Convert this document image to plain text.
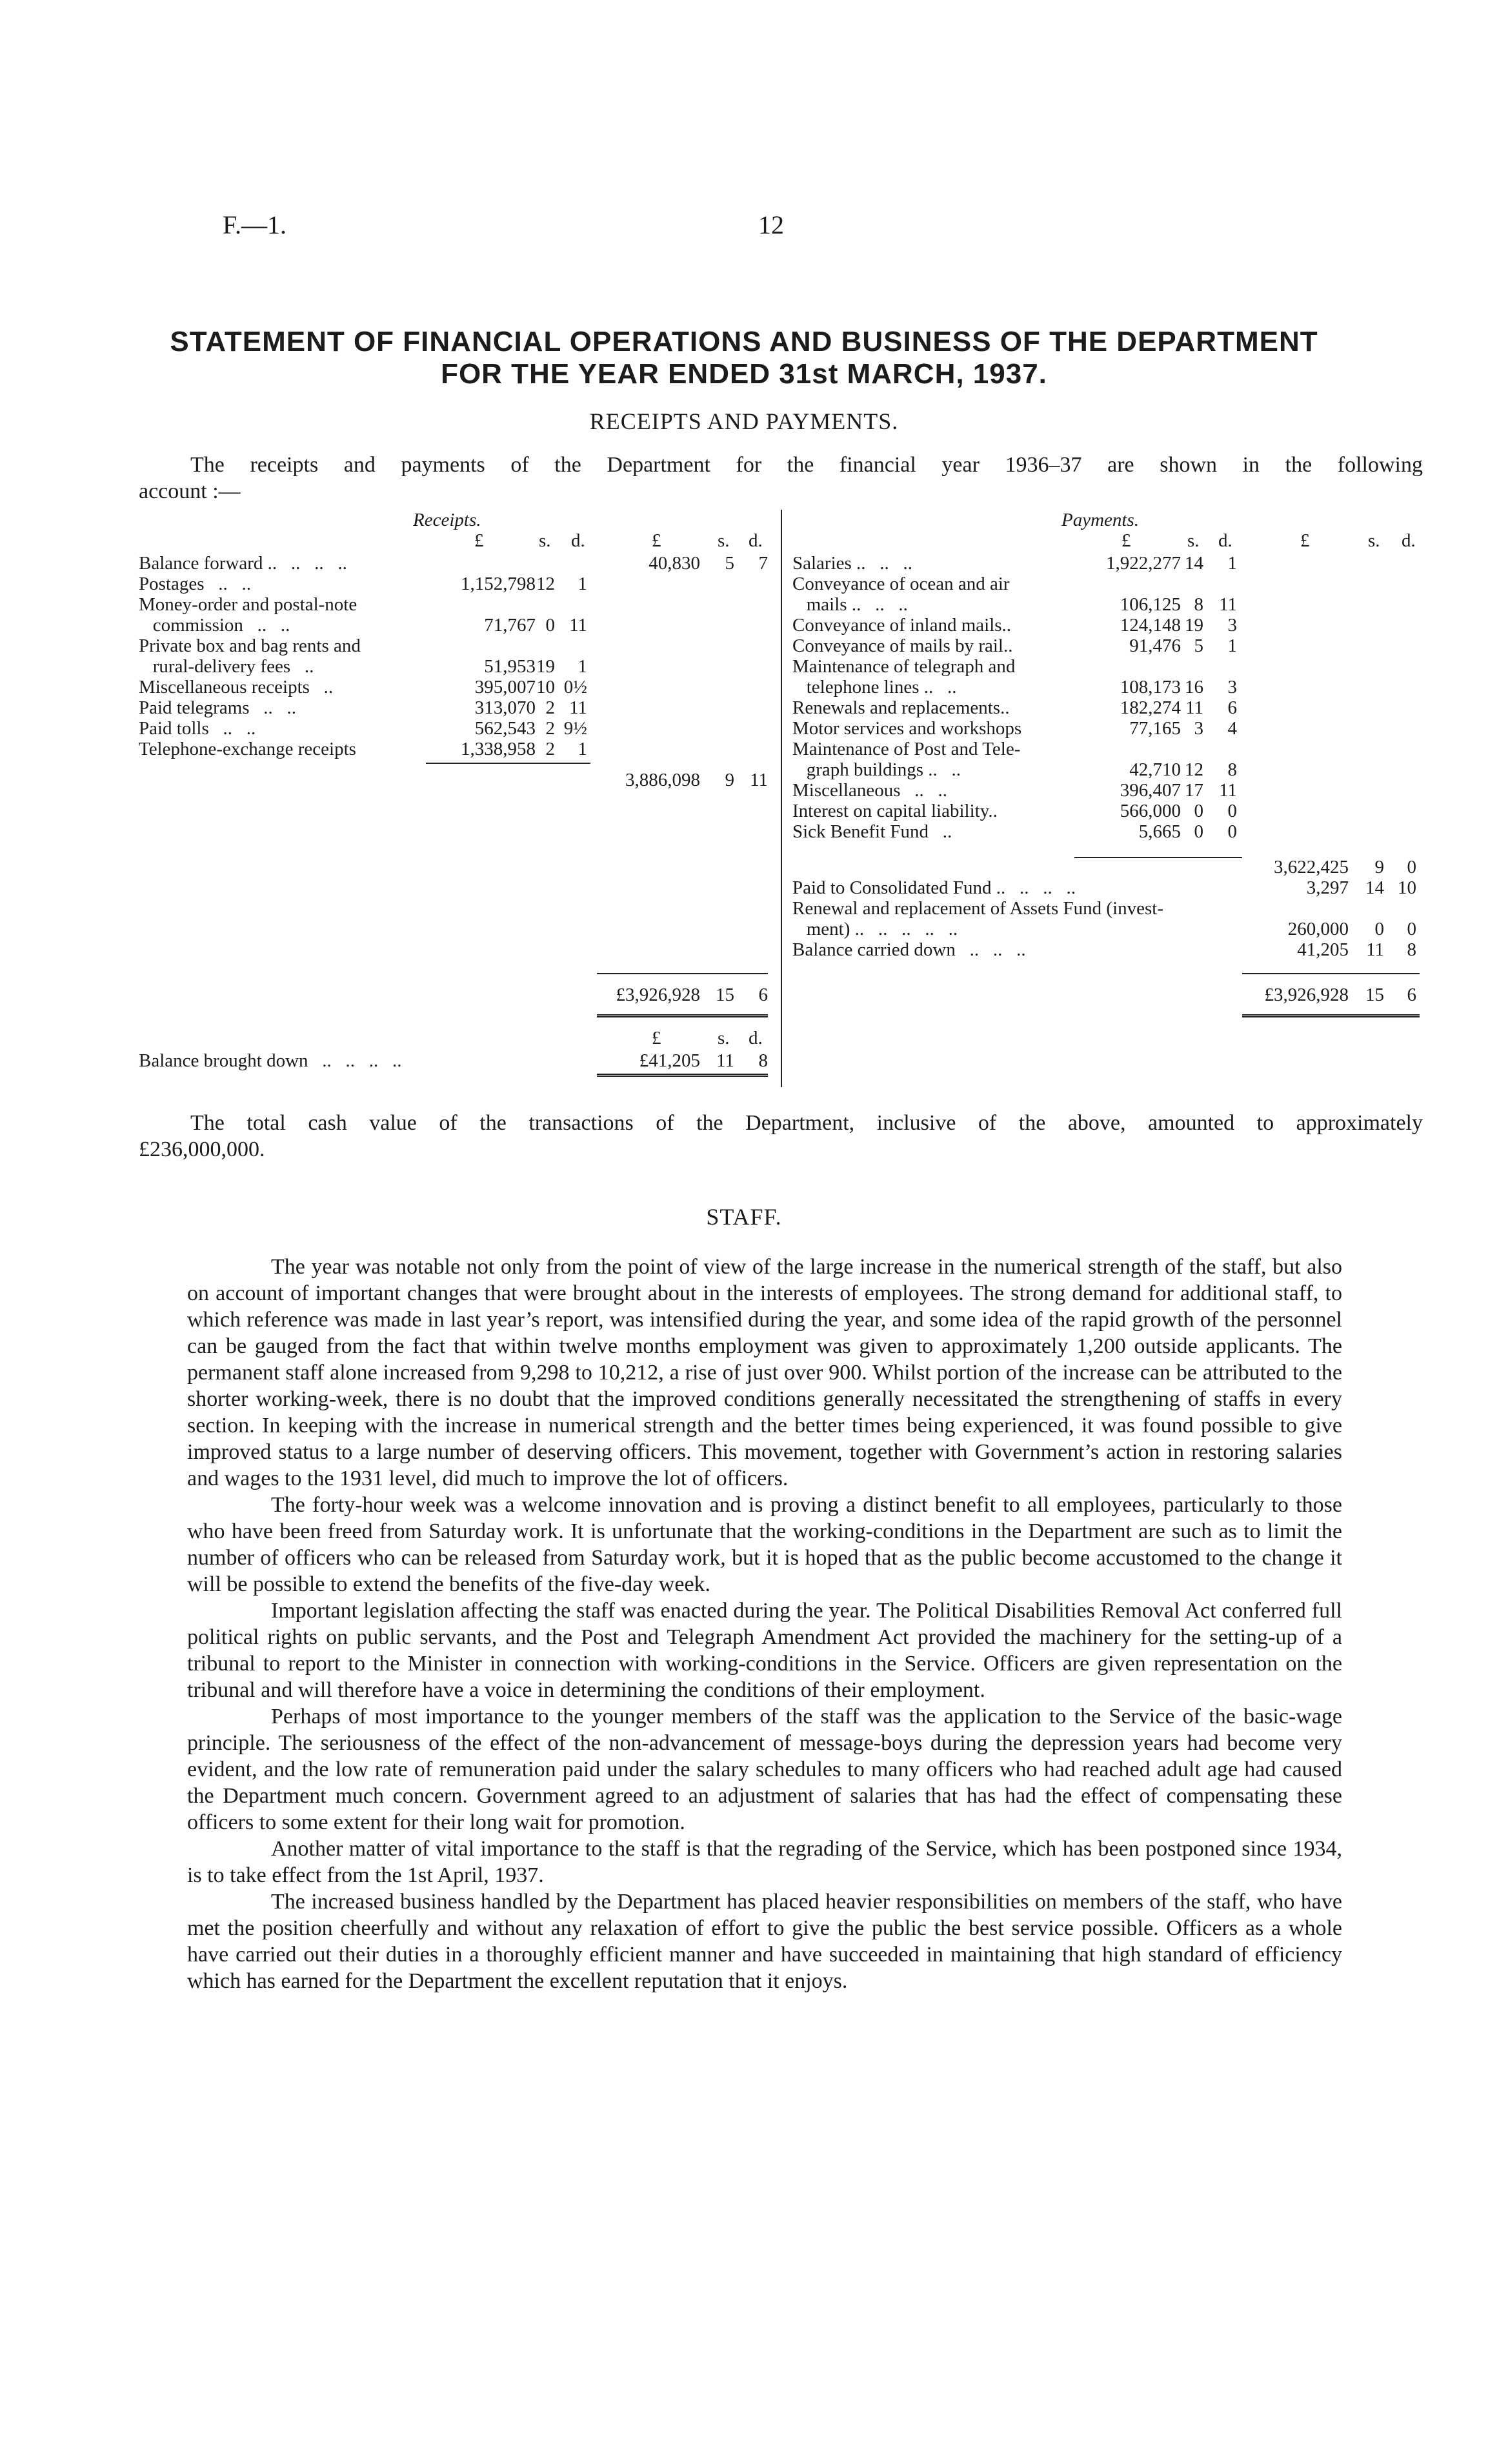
F.—1.	12
STATEMENT OF FINANCIAL OPERATIONS AND BUSINESS OF THE DEPARTMENT
FOR THE YEAR ENDED 31st MARCH, 1937.
RECEIPTS AND PAYMENTS.
The receipts and payments of the Department for the financial year 1936–37 are shown in the following
account :—
Receipts.
£	s. d.	£	s. d.
Balance forward ..   ..   ..   ..	40,830	5	7
Postages   ..   ..	1,152,798 12	1
Money-order and postal-note
commission   ..   ..	71,767 0 11
Private box and bag rents and
rural-delivery fees   ..	51,953 19	1
Miscellaneous receipts   ..	395,007 10 0½
Paid telegrams   ..   ..	313,070 2 11
Paid tolls   ..   ..	562,543 2 9½
Telephone-exchange receipts	1,338,958 2	1
3,886,098	9 11
£3,926,928 15	6
£	s. d.
Balance brought down   ..   ..   ..   ..	£41,205 11	8
Payments.
£	s. d.	£	s. d.
Salaries ..   ..   ..	1,922,277 14	1
Conveyance of ocean and air
mails ..   ..   ..	106,125 8 11
Conveyance of inland mails..	124,148 19	3
Conveyance of mails by rail..	91,476 5	1
Maintenance of telegraph and
telephone lines ..   ..	108,173 16	3
Renewals and replacements..	182,274 11	6
Motor services and workshops	77,165 3	4
Maintenance of Post and Tele-
graph buildings ..   ..	42,710 12	8
Miscellaneous   ..   ..	396,407 17 11
Interest on capital liability..	566,000 0	0
Sick Benefit Fund   ..	5,665 0	0
3,622,425	9	0
Paid to Consolidated Fund ..   ..   ..   ..	3,297 14 10
Renewal and replacement of Assets Fund (invest-
ment) ..   ..   ..   ..   ..	260,000	0	0
Balance carried down   ..   ..   ..	41,205 11	8
£3,926,928 15	6
The total cash value of the transactions of the Department, inclusive of the above, amounted to approximately
£236,000,000.
STAFF.

The year was notable not only from the point of view of the large increase in the numerical strength of the staff, but also on account of important changes that were brought about in the interests of employees. The strong demand for additional staff, to which reference was made in last year’s report, was intensified during the year, and some idea of the rapid growth of the personnel can be gauged from the fact that within twelve months employment was given to approximately 1,200 outside applicants. The permanent staff alone increased from 9,298 to 10,212, a rise of just over 900. Whilst portion of the increase can be attributed to the shorter working-week, there is no doubt that the improved conditions generally necessitated the strengthening of staffs in every section. In keeping with the increase in numerical strength and the better times being experienced, it was found possible to give improved status to a large number of deserving officers. This movement, together with Government’s action in restoring salaries and wages to the 1931 level, did much to improve the lot of officers.

The forty-hour week was a welcome innovation and is proving a distinct benefit to all employees, particularly to those who have been freed from Saturday work. It is unfortunate that the working-conditions in the Department are such as to limit the number of officers who can be released from Saturday work, but it is hoped that as the public become accustomed to the change it will be possible to extend the benefits of the five-day week.

Important legislation affecting the staff was enacted during the year. The Political Disabilities Removal Act conferred full political rights on public servants, and the Post and Telegraph Amendment Act provided the machinery for the setting-up of a tribunal to report to the Minister in connection with working-conditions in the Service. Officers are given representation on the tribunal and will therefore have a voice in determining the conditions of their employment.

Perhaps of most importance to the younger members of the staff was the application to the Service of the basic-wage principle. The seriousness of the effect of the non-advancement of message-boys during the depression years had become very evident, and the low rate of remuneration paid under the salary schedules to many officers who had reached adult age had caused the Department much concern. Government agreed to an adjustment of salaries that has had the effect of compensating these officers to some extent for their long wait for promotion.

Another matter of vital importance to the staff is that the regrading of the Service, which has been postponed since 1934, is to take effect from the 1st April, 1937.

The increased business handled by the Department has placed heavier responsibilities on members of the staff, who have met the position cheerfully and without any relaxation of effort to give the public the best service possible. Officers as a whole have carried out their duties in a thoroughly efficient manner and have succeeded in maintaining that high standard of efficiency which has earned for the Department the excellent reputation that it enjoys.
